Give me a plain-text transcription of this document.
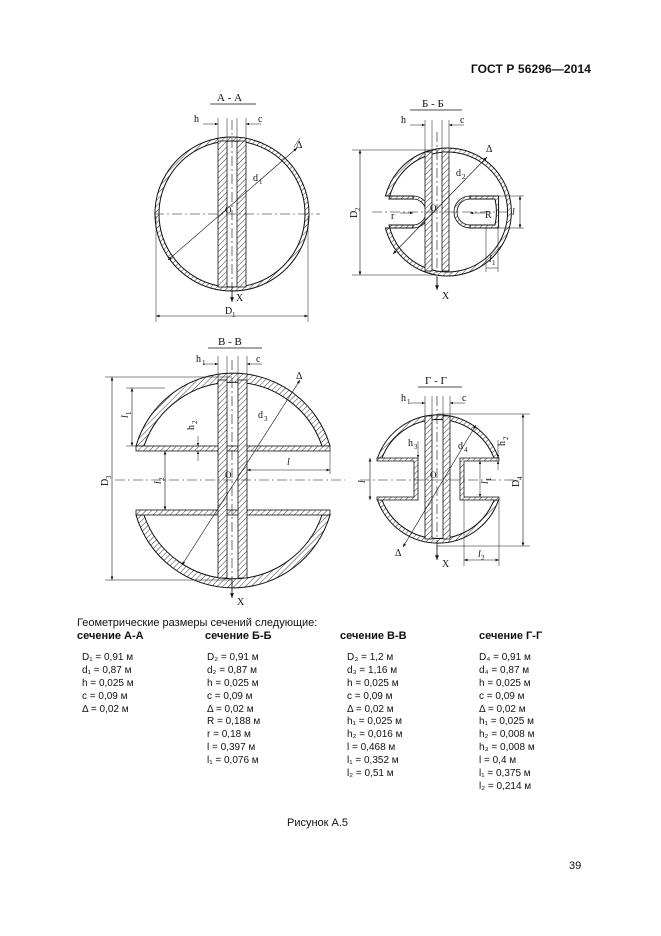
ГОСТ Р 56296—2014
А - А
h	c
Δ
d 1
O
X
D 1
Б - Б
h	c
Δ
d 2
O
r	R l
l 1
X
D
2
В - В
h 1	c
Δ
d 3
O
l
X
D
3
l
1
l
2
h
2
Г - Г
h 1	c
Δ
d 4
O
X
h 3	h
2
l	l
1
l 2
D
4
Геометрические размеры сечений следующие:
сечение А-А
D₁ = 0,91 м
d₁ = 0,87 м
h = 0,025 м
c = 0,09 м
Δ = 0,02 м
сечение Б-Б
D₂ = 0,91 м
d₂ = 0,87 м
h = 0,025 м
c = 0,09 м
Δ = 0,02 м
R = 0,188 м
r = 0,18 м
l = 0,397 м
l₁ = 0,076 м
сечение В-В
D₃ = 1,2 м
d₃ = 1,16 м
h = 0,025 м
c = 0,09 м
Δ = 0,02 м
h₁ = 0,025 м
h₂ = 0,016 м
l = 0,468 м
l₁ = 0,352 м
l₂ = 0,51 м
сечение Г-Г
D₄ = 0,91 м
d₄ = 0,87 м
h = 0,025 м
c = 0,09 м
Δ = 0,02 м
h₁ = 0,025 м
h₂ = 0,008 м
h₃ = 0,008 м
l = 0,4 м
l₁ = 0,375 м
l₂ = 0,214 м
Рисунок А.5
39
